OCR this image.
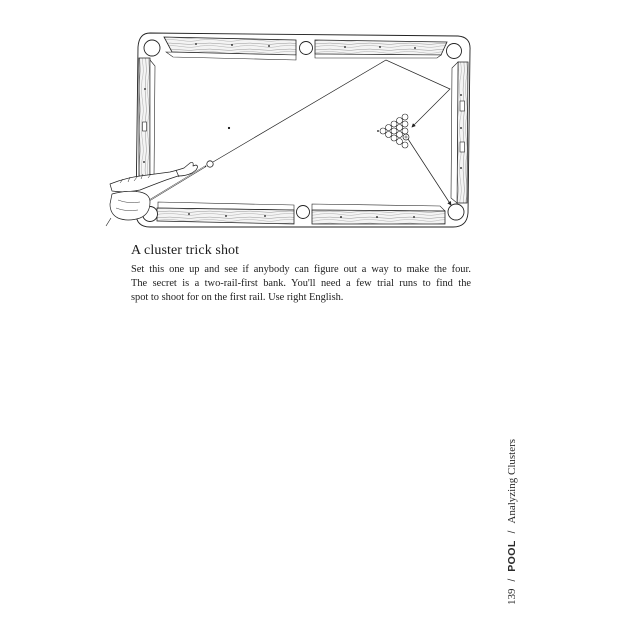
A cluster trick shot
Set this one up and see if anybody can figure out a way to make the four.
The secret is a two-rail-first bank. You'll need a few trial runs to find the
spot to shoot for on the first rail. Use right English.
139
/
POOL
/
Analyzing Clusters
